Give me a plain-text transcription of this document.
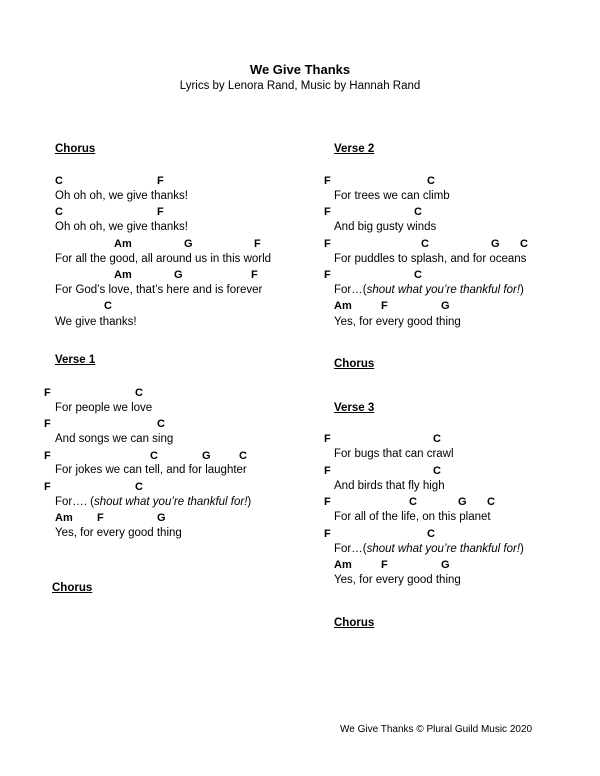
We Give Thanks
Lyrics by Lenora Rand, Music by Hannah Rand
Chorus
C	F
Oh oh oh, we give thanks!
C	F
Oh oh oh, we give thanks!
Am	G	F
For all the good, all around us in this world
Am	G	F
For God’s love, that’s here and is forever
C
We give thanks!
Verse 1
F	C
For people we love
F	C
And songs we can sing
F	C	G	C
For jokes we can tell, and for laughter
F	C
For…. (shout what you’re thankful for!)
Am F	G
Yes, for every good thing
Chorus
Verse 2
F	C
For trees we can climb
F	C
And big gusty winds
F	C	G C
For puddles to splash, and for oceans
F	C
For…(shout what you’re thankful for!)
Am	F	G
Yes, for every good thing
Chorus
Verse 3
F	C
For bugs that can crawl
F	C
And birds that fly high
F	C	G C
For all of the life, on this planet
F	C
For…(shout what you’re thankful for!)
Am	F	G
Yes, for every good thing
Chorus
We Give Thanks © Plural Guild Music 2020
